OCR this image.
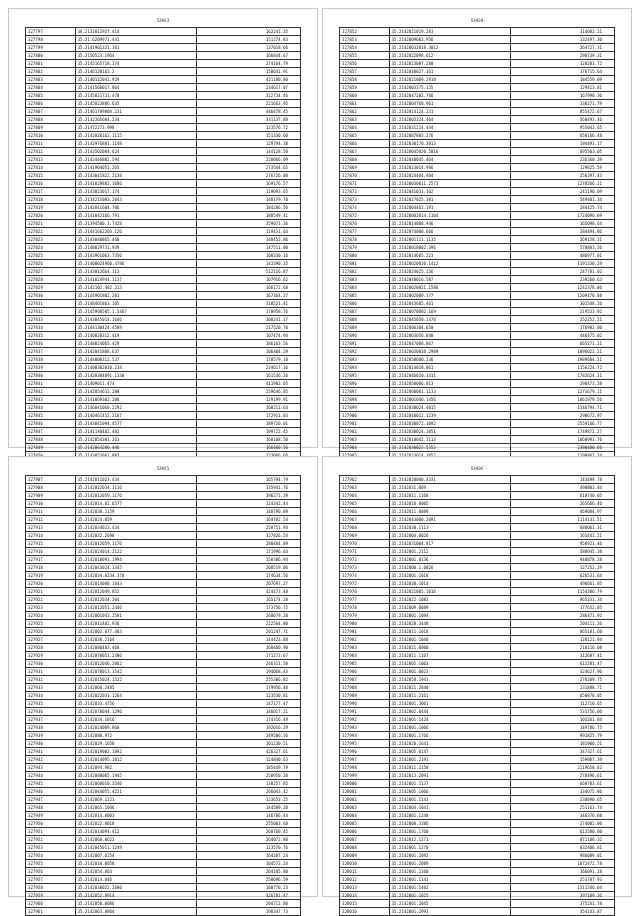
5963
327797	36.2132012927.414	162241.35
327798	35.21.6209971.441	151274.83
327799	35.2141901321.101	137018.66
327800	35.2150523.1964	166844.67
327801	35.2145165718.174	274164.79
327802	35.2146120163.2	158641.91
327803	35.2140122041.929	421180.80
327804	35.2141560017.864	234617.07
327805	35.2145821731.478	322734.46
327806	35.2145823886.635	221663.95
327807	35.21461709804.231	446478.45
327808	35.2142305604.234	331137.88
327809	35.21472273.998	123576.72
327810	35.2142020162.1115	151330.60
327811	35.2142976801.1148	129794.38
327812	35.2143502084.624	144128.50
327813	35.2142446802.594	220066.09
327814	35.2141904052.265	273544.65
327815	35.2143041822.2138	276726.00
327816	35.2141829882.1686	169176.57
327817	35.2143823017.174	119093.65
327818	35.2114211083.2043	148179.70
327819	35.2142041604.706	184286.56
327820	35.2141042166.791	188549.41
327821	35.21394500.1.7428	359071.36
327822	35.21441662203.126	119431.64
327823	35.2143040865.460	148452.86
327824	35.2148029731.939	147511.00
327825	35.2143961063.7356	108330.16
327826	35.21408024960.4786	143390.35
327827	35.2143012664.113	512116.87
327828	35.2141024944.1137	107916.62
327829	35.2142102.482.213	166172.68
327830	35.2144901802.201	167364.27
327831	35.2148401863.105	318521.41
327832	35.2145908505.1.5467	170958.76
327833	35.2143045014.1646	108241.17
327834	35.2144130424.4589	217520.70
327835	35.2140820312.419	107474.94
327836	35.2148024065.429	186163.56
327837	35.2142041808.637	106404.29
327838	35.2144000312.537	178579.10
327839	35.21408302010.218	234617.16
327840	35.21420304091.1330	161536.26
327841	35.21409011.474	411902.05
327842	35.2142054632.288	259646.85
327843	35.2141069302.200	129199.91
327844	35.2146041060.2292	168211.64
327845	35.2140461452.2167	172911.03
327846	35.2143041094.4577	189720.01
327847	35.2141140402.482	199722.45
327848	35.2142054301.263	168108.50
327849	35.2142064280.446	166400.56

5964
327852	35.2142021019.283	314082.21
327853	35.2142009603.956	132497.30
327854	35.21420032018.3012	264727.31
327855	35.2142022098.612	290739.31
327856	35.2142023087.280	120283.72
327857	35.2142040027.161	376715.64
327858	35.2142021009.2918	184559.09
327859	35.2142003375.135	129413.81
327860	35.2142047202.766	167990.36
327861	35.2142004768.961	330271.79
327862	35.2142014124.231	855472.67
327863	35.2142003324.464	560493.46
327864	35.2142031214.444	955043.65
327865	35.2142087803.276	658166.48
327866	35.2142030170.2013	194493.17
327867	35.21420045020.5016	695503.05
327868	35.2142040045.464	236360.39
327869	35.2142023014.986	129825.59
327870	35.2142024404.404	256397.43
327871	35.21420030011.2573	1278266.21
327872	35.2142041031.162	241190.09
327873	35.2142027025.381	549401.34
327874	35.2142004462.191	284425.74
327875	35.21420002014.1104	1724096.09
327876	35.2142014808.946	165098.64
327877	35.2142074000.666	284494.86
327878	35.2142001111.1135	269158.31
327879	35.21420018002.396	570803.56
327880	35.2142014605.223	486977.01
327881	35.21420020010.1412	1191330.29
327882	35.2142024025.156	247781.02
327883	35.2142048016.587	239260.63
327884	35.21420020021.1586	1242378.06
327885	35.2142002009.377	1209470.08
327886	35.2142043605.461	301548.26
327887	35.21420070002.169	219533.92
327888	35.2142045050.1470	252252.51
327889	35.2142006304.650	176982.00
327890	35.2142063056.840	446475.02
327891	35.2142047008.867	665271.21
327892	35.21420030010.2909	1096022.21
327893	35.2142050600.336	1989604.21
327894	35.2142014018.861	1156224.72
327895	35.2142046020.1411	1782624.31
327896	35.2142050006.013	290473.58
327897	35.2142060081.1133	1271679.11
327898	35.2142001040.1456	1061979.56
327899	35.2142030024.4015	1546794.71
327900	35.2142040012.1239	290672.97
327901	35.2142030072.1092	2559166.77
327902	35.2142030024.1051	1749872.27
327903	35.2142010042.1113	1060993.70
327904	35.2142030022.5352	2380400.66

5965
327907	35.2142011023.434	165794.79
327908	35.2142022034.1116	335941.76
327909	35.2142012059.1176	396271.39
327910	35.2142014.02.6577	124342.44
327911	35.2142030.1159	148790.89
327912	35.2142024.059	164782.54
327913	35.2142034023.434	250751.94
327914	35.2142032.2698	327826.54
327915	35.2142012059.1176	280404.89
327916	35.2142024014.2122	171996.64
327917	35.2142010093.1994	158306.94
327918	35.2142043024.1345	208519.06
327919	35.2142034.0234.378	174634.56
327920	35.2142014080.1643	207697.27
327921	35.2142012049.852	424473.48
327922	35.2142012034.204	165174.28
327923	35.2142012051.2446	173756.75
327924	35.2142001043.2581	268079.28
327925	35.2142011402.936	222564.80
327926	35.2142002.077.403	201247.71
327927	35.2142030.2164	144423.88
327928	35.2142080403.468	168460.90
327929	35.2142070051.2386	171273.67
327930	35.2142012046.2062	246311.50
327931	35.2142070013.1542	194068.43
327932	35.2142015024.1522	255306.82
327933	35.2142060.2485	179956.40
327934	35.2142022031.1264	123530.81
327935	35.2142033.4756	147177.47
327936	35.2142070044.1296	146017.21
327937	35.2142034.1016	174316.49
327938	35.2142024009.860	192016.29
327939	35.2142080.972	149506.36
327940	35.2142029.1658	101230.51
327941	35.2142019002.1092	426327.61
327942	35.2142014095.1012	124840.63
327943	35.2142094.982	185449.79
327944	35.2142080005.1945	250950.20
327945	35.2142060010.3540	138257.85
327946	35.2142044055.4221	266043.42
327947	35.2142069.1221	123652.25
327948	35.2142065.1046	144589.20
327949	35.2142014.0003	146786.44
327950	35.2142022.0018	255003.68
327951	35.2142014094.412	260760.45
327952	35.2142068.0622	264072.80
327953	35.2142045011.1249	123570.76
327954	35.2142007.6254	164207.24
327955	35.2142010.0058	104572.24
327956	35.2142054.864	204105.80
327957	35.2142014.046	250696.59
327958	35.2142030022.2680	180770.23
327959	35.2142052.8914	426701.47
327960	35.2142050.0086	204712.80
327961	35.2142063.8864	198347.73
5966
327962	35.2142020000.4331	143499.78
327963	35.2142031.009	490803.84
327964	35.2142011.1168	610740.05
327965	35.2142010.0005	265666.46
327966	35.2142011.0089	469084.97
327967	35.2142043000.2091	1114141.51
327968	35.2142030.1113	688061.31
327969	35.2142004.0026	165441.21
327970	35.2142031004.817	958921.46
327971	35.2142001.2112	588945.38
327972	35.2142001.0136	940878.28
327973	35.2142000.1.0026	127252.29
327974	35.2142001.1018	626531.64
327975	35.2142030.1014	496661.05
327976	35.2142021005.1016	1154386.79
327977	35.2142022.1083	965331.34
327978	35.2142009.0089	177652.05
327979	35.2142001.1094	286471.92
327980	35.2142028.3448	204111.26
327981	35.2142011.1018	865181.60
327982	35.2142001.1040	128121.94
327983	35.2142021.0000	210116.08
327984	35.2142011.1167	312687.41
327985	35.2142005.1003	612281.47
327986	35.2142001.0023	324627.96
327987	35.2142058.1941	270209.75
327988	35.2142021.2840	231888.71
327989	35.2142011.2161	650878.05
327990	35.2142001.3001	112710.65
327991	35.2142002.0444	531756.06
327992	35.2142001.1424	103261.84
327993	35.2142001.1066	149786.75
327994	35.2142001.1766	991825.79
327995	35.2142020.1641	181900.51
327996	35.2142005.0147	347327.61
327997	35.2142001.2191	159807.39
327998	35.2142011.2158	2119658.82
327999	35.2142013.2091	270496.61
328000	35.2142001.1137	668703.61
328001	35.2142005.1066	334075.86
328002	35.2142001.1143	230890.65
328003	35.2142004.1041	251163.74
328004	35.2142001.1248	346376.88
328005	35.2142008.3386	274002.00
328006	35.2142001.1760	613580.80
328007	35.2142012.1271	871106.32
328008	35.2142001.1270	832406.81
328009	35.2142001.2092	986089.01
328010	35.2142001.2089	1072472.78
328011	35.2142001.1160	166091.28
328012	35.2142001.1143	253707.93
328013	35.2142001.1402	1511346.04
328014	35.2142001.1025	397109.36
328015	35.2142001.2045	375241.78
328016	35.2142001.2991	354143.87
